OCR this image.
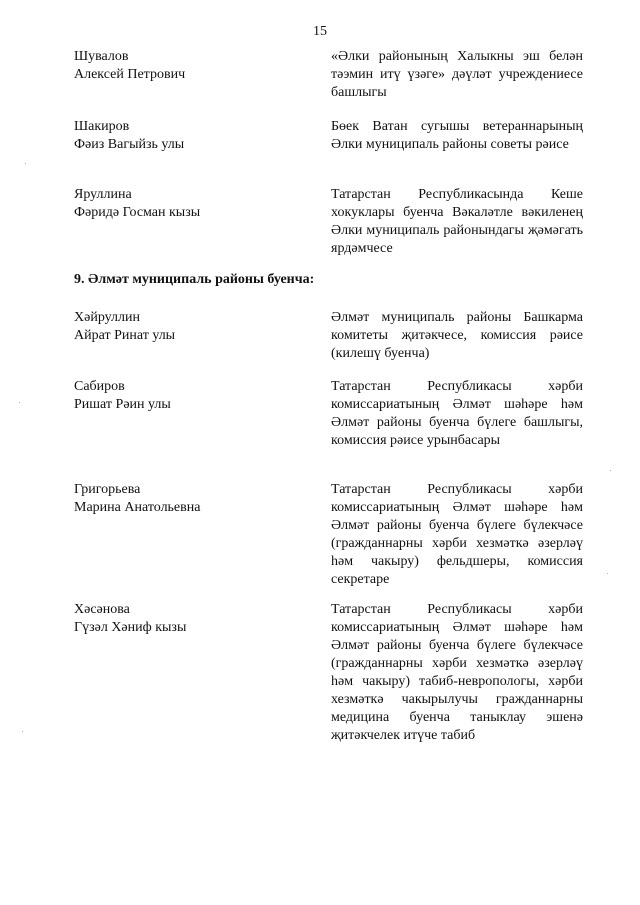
15
Шувалов
Алексей Петрович
«Әлки районының Халыкны эш белән тәэмин итү үзәге» дәүләт учреждениесе башлыгы
Шакиров
Фәиз Вагыйзь улы
Бөек Ватан сугышы ветераннарының Әлки муниципаль районы советы рәисе
Яруллина
Фәридә Госман кызы
Татарстан Республикасында Кеше хокуклары буенча Вәкаләтле вәкиленең Әлки муниципаль районындагы җәмәгать ярдәмчесе
9. Әлмәт муниципаль районы буенча:
Хәйруллин
Айрат Ринат улы
Әлмәт муниципаль районы Башкарма комитеты җитәкчесе, комиссия рәисе (килешү буенча)
Сабиров
Ришат Рәин улы
Татарстан Республикасы хәрби комиссариатының Әлмәт шәһәре һәм Әлмәт районы буенча бүлеге башлыгы, комиссия рәисе урынбасары
Григорьева
Марина Анатольевна
Татарстан Республикасы хәрби комиссариатының Әлмәт шәһәре һәм Әлмәт районы буенча бүлеге бүлекчәсе (гражданнарны хәрби хезмәткә әзерләү һәм чакыру) фельдшеры, комиссия секретаре
Хәсәнова
Гүзәл Хәниф кызы
Татарстан Республикасы хәрби комиссариатының Әлмәт шәһәре һәм Әлмәт районы буенча бүлеге бүлекчәсе (гражданнарны хәрби хезмәткә әзерләү һәм чакыру) табиб-невропологы, хәрби хезмәткә чакырылучы гражданнарны медицина буенча таныклау эшенә җитәкчелек итүче табиб
